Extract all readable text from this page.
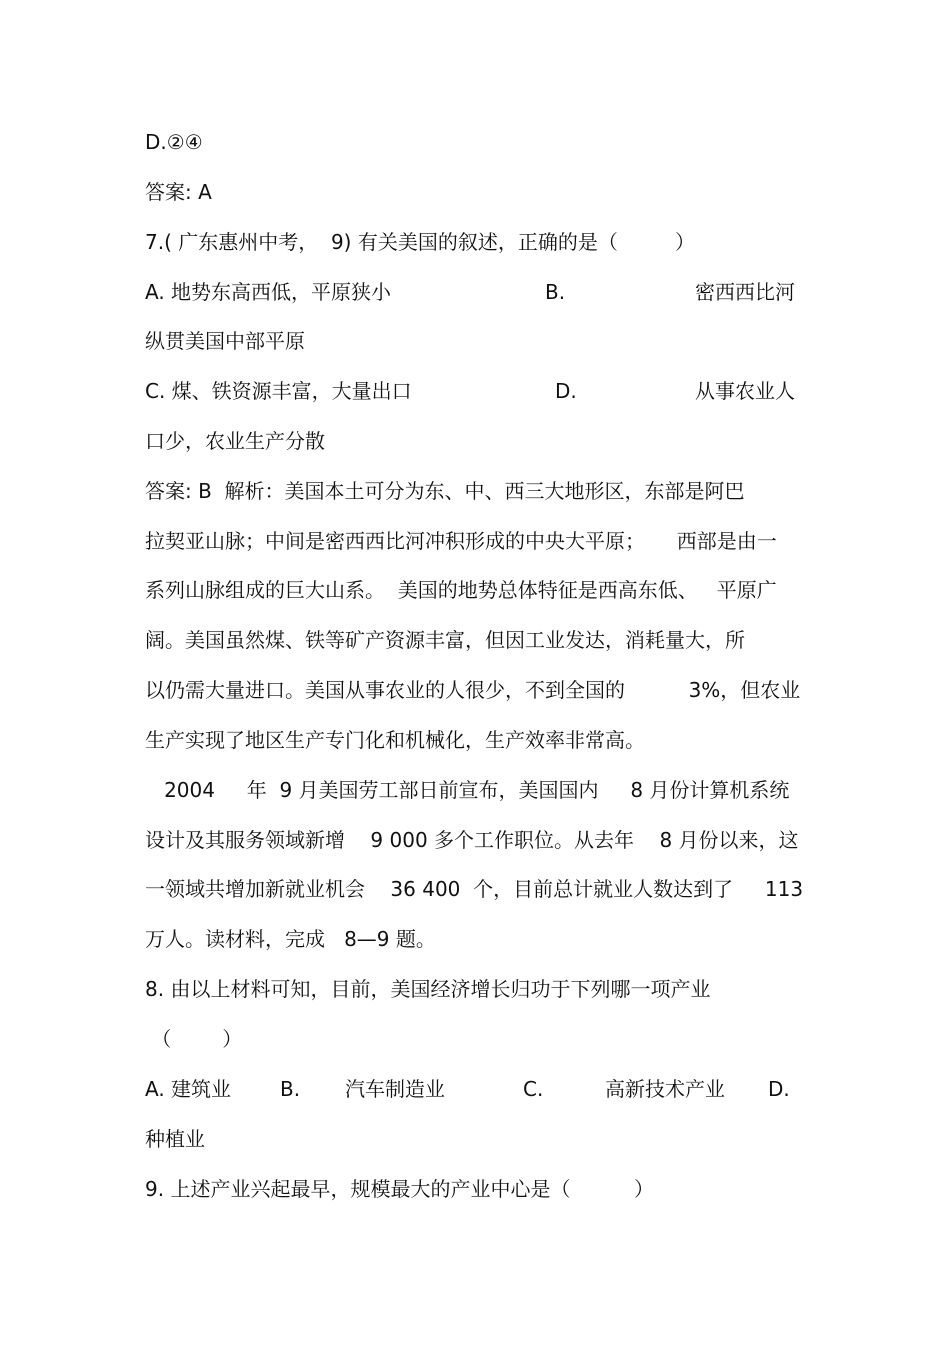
D.②④

答案: A

7.( 广东惠州中考，  9) 有关美国的叙述，正确的是（         ）

A. 地势东高西低，平原狭小

	B.

	密西西比河

纵贯美国中部平原

C. 煤、铁资源丰富，大量出口

	D.

	从事农业人

口少，农业生产分散

答案: B  解析：美国本土可分为东、中、西三大地形区，东部是阿巴

拉契亚山脉；中间是密西西比河冲积形成的中央大平原；     西部是由一

系列山脉组成的巨大山系。  美国的地势总体特征是西高东低、   平原广

阔。美国虽然煤、铁等矿产资源丰富，但因工业发达，消耗量大，所

以仍需大量进口。美国从事农业的人很少，不到全国的          3%，但农业

生产实现了地区生产专门化和机械化，生产效率非常高。

2004     年  9 月美国劳工部日前宣布，美国国内     8 月份计算机系统

设计及其服务领域新增    9 000 多个工作职位。从去年    8 月份以来，这

一领域共增加新就业机会    36 400  个，目前总计就业人数达到了     113

万人。读材料，完成   8—9 题。

8. 由以上材料可知，目前，美国经济增长归功于下列哪一项产业

（        ）

A. 建筑业

B.

汽车制造业

	C.

	高新技术产业

D.

种植业

9. 上述产业兴起最早，规模最大的产业中心是（          ）
